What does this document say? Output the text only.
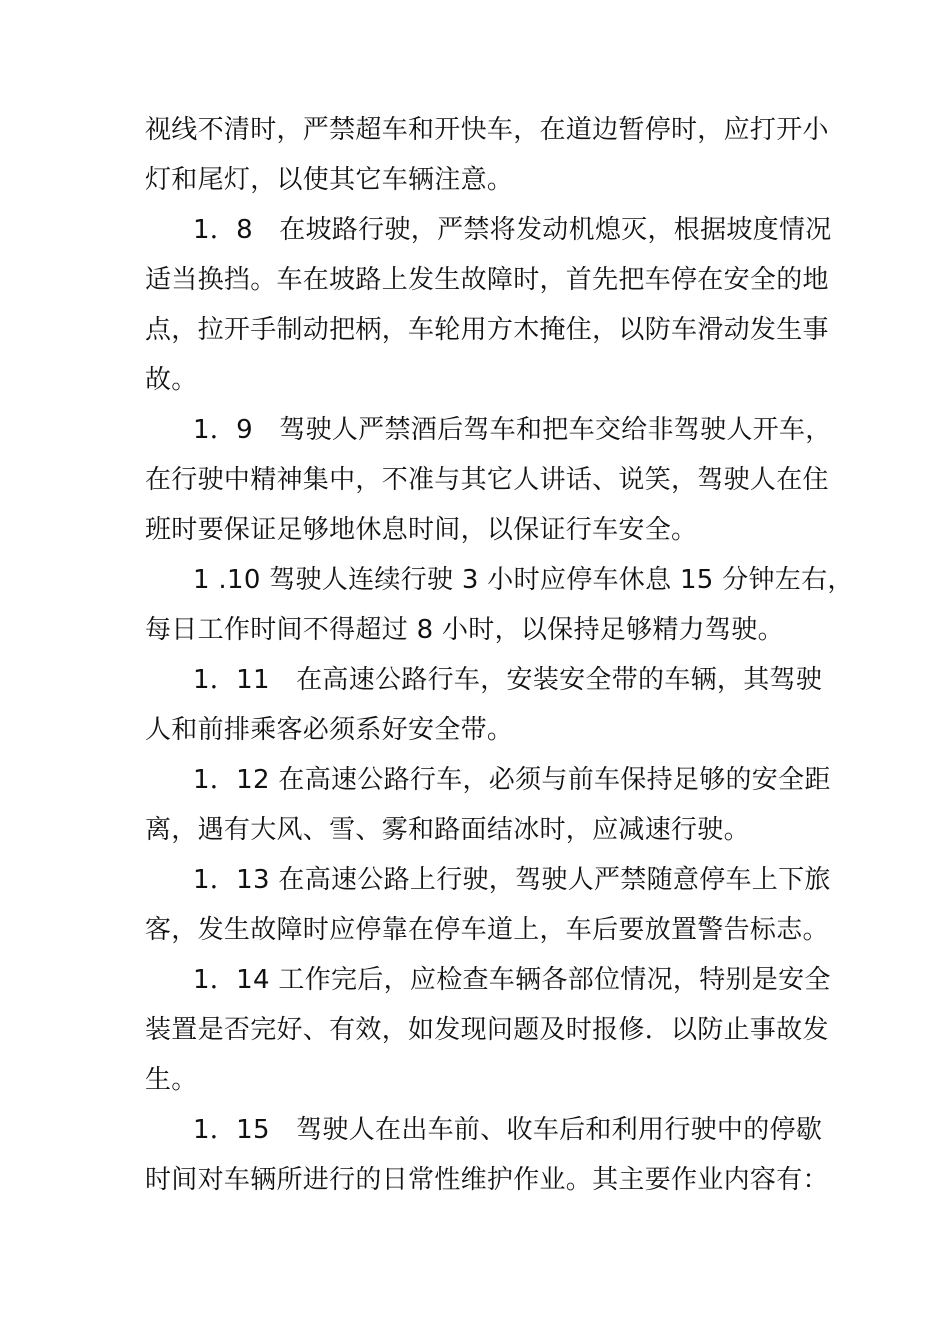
视线不清时，严禁超车和开快车，在道边暂停时，应打开小
灯和尾灯，以使其它车辆注意。
1．8　在坡路行驶，严禁将发动机熄灭，根据坡度情况
适当换挡。车在坡路上发生故障时，首先把车停在安全的地
点，拉开手制动把柄，车轮用方木掩住，以防车滑动发生事
故。
1．9　驾驶人严禁酒后驾车和把车交给非驾驶人开车，
在行驶中精神集中，不准与其它人讲话、说笑，驾驶人在住
班时要保证足够地休息时间，以保证行车安全。
1 .10 驾驶人连续行驶 3 小时应停车休息 15 分钟左右，
每日工作时间不得超过 8 小时，以保持足够精力驾驶。
1．11　在高速公路行车，安装安全带的车辆，其驾驶
人和前排乘客必须系好安全带。
1．12 在高速公路行车，必须与前车保持足够的安全距
离，遇有大风、雪、雾和路面结冰时，应减速行驶。
1．13 在高速公路上行驶，驾驶人严禁随意停车上下旅
客，发生故障时应停靠在停车道上，车后要放置警告标志。
1．14 工作完后，应检查车辆各部位情况，特别是安全
装置是否完好、有效，如发现问题及时报修．以防止事故发
生。
1．15　驾驶人在出车前、收车后和利用行驶中的停歇
时间对车辆所进行的日常性维护作业。其主要作业内容有：
